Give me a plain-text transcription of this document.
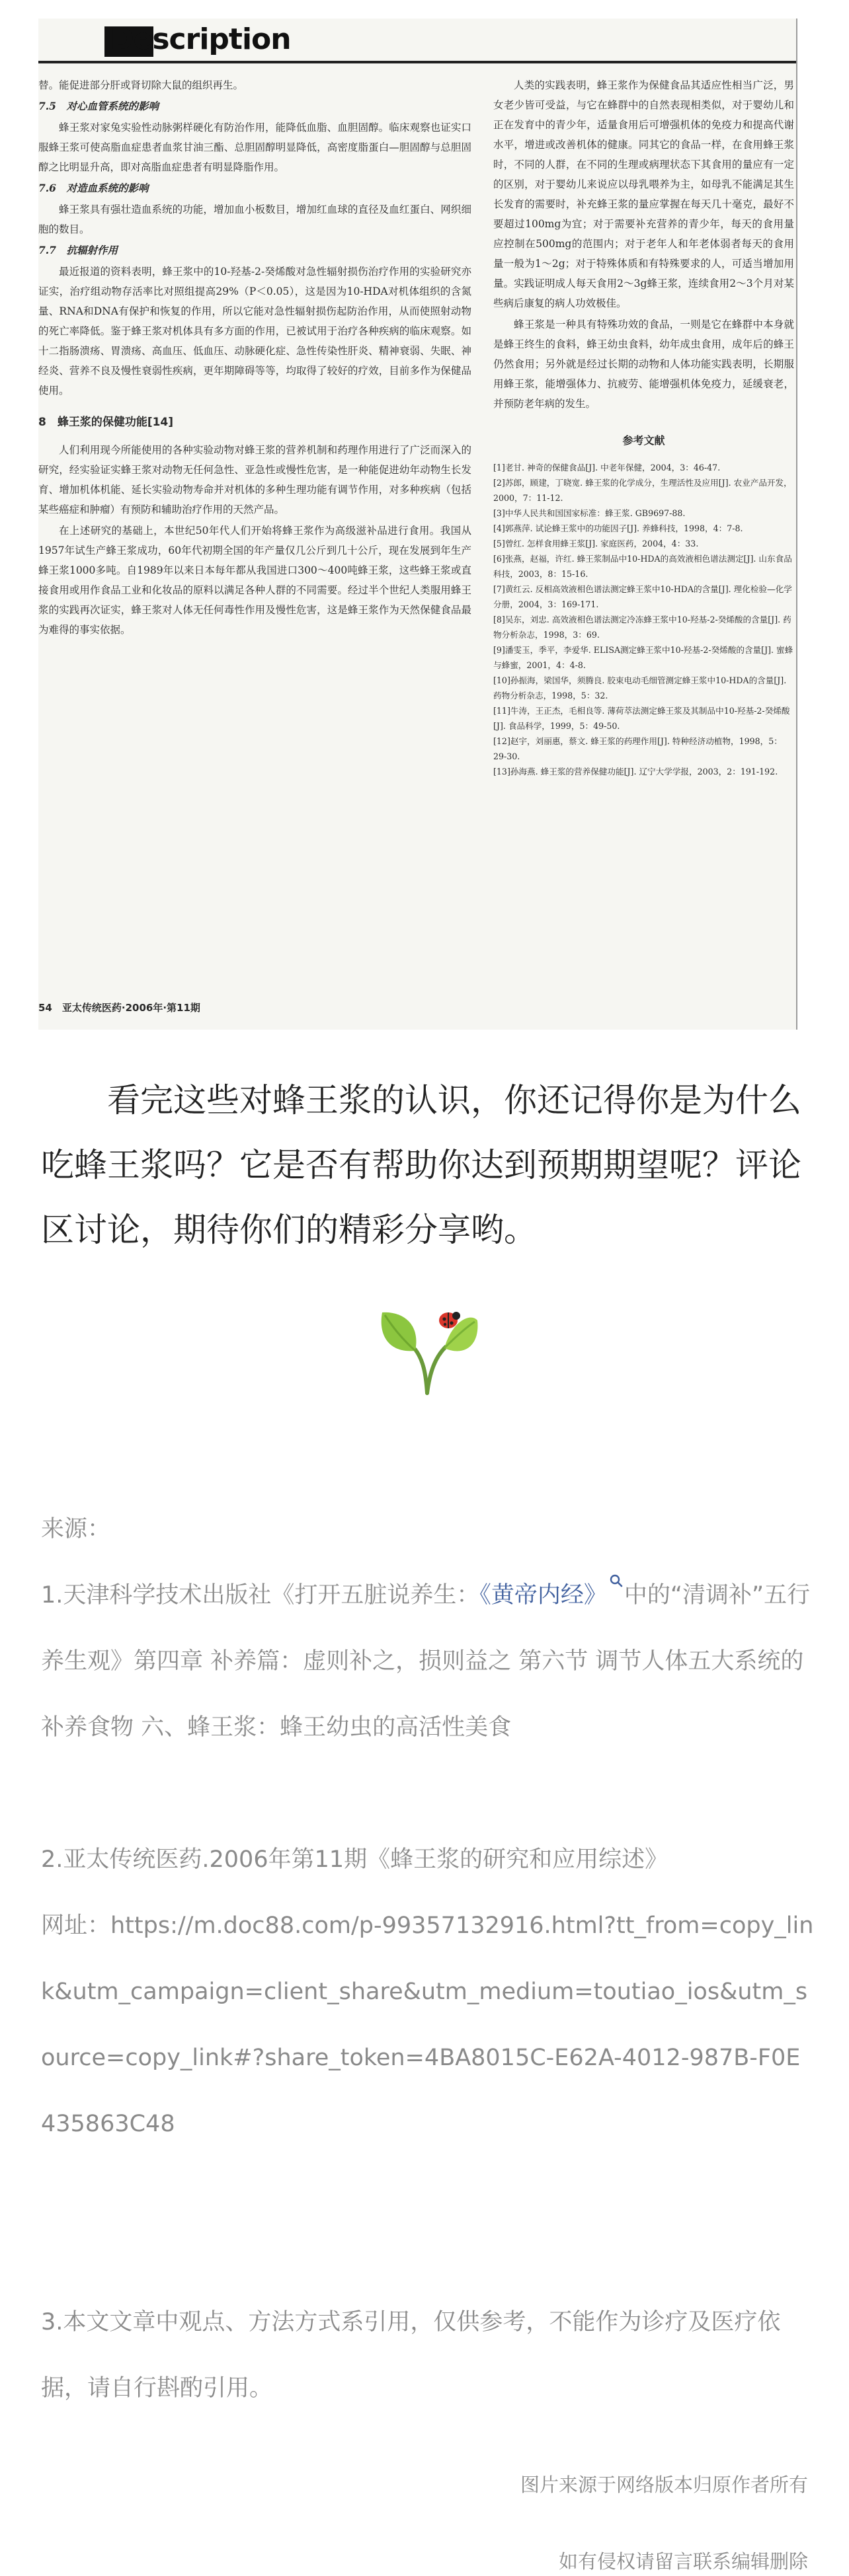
Description

替。能促进部分肝或肾切除大鼠的组织再生。

7.5　对心血管系统的影响

蜂王浆对家兔实验性动脉粥样硬化有防治作用，能降低血脂、血胆固醇。临床观察也证实口服蜂王浆可使高脂血症患者血浆甘油三酯、总胆固醇明显降低，高密度脂蛋白—胆固醇与总胆固醇之比明显升高，即对高脂血症患者有明显降脂作用。

7.6　对造血系统的影响

蜂王浆具有强壮造血系统的功能，增加血小板数目，增加红血球的直径及血红蛋白、网织细胞的数目。

7.7　抗辐射作用

最近报道的资料表明，蜂王浆中的10-羟基-2-癸烯酸对急性辐射损伤治疗作用的实验研究亦证实，治疗组动物存活率比对照组提高29%（P＜0.05），这是因为10-HDA对机体组织的含氮量、RNA和DNA有保护和恢复的作用，所以它能对急性辐射损伤起防治作用，从而使照射动物的死亡率降低。鉴于蜂王浆对机体具有多方面的作用，已被试用于治疗各种疾病的临床观察。如十二指肠溃疡、胃溃疡、高血压、低血压、动脉硬化症、急性传染性肝炎、精神衰弱、失眠、神经炎、营养不良及慢性衰弱性疾病，更年期障碍等等，均取得了较好的疗效，目前多作为保健品使用。

8　蜂王浆的保健功能[14]

人们利用现今所能使用的各种实验动物对蜂王浆的营养机制和药理作用进行了广泛而深入的研究，经实验证实蜂王浆对动物无任何急性、亚急性或慢性危害，是一种能促进幼年动物生长发育、增加机体机能、延长实验动物寿命并对机体的多种生理功能有调节作用，对多种疾病（包括某些癌症和肿瘤）有预防和辅助治疗作用的天然产品。

在上述研究的基础上，本世纪50年代人们开始将蜂王浆作为高级滋补品进行食用。我国从1957年试生产蜂王浆成功，60年代初期全国的年产量仅几公斤到几十公斤，现在发展到年生产蜂王浆1000多吨。自1989年以来日本每年都从我国进口300～400吨蜂王浆，这些蜂王浆或直接食用或用作食品工业和化妆品的原料以满足各种人群的不同需要。经过半个世纪人类服用蜂王浆的实践再次证实，蜂王浆对人体无任何毒性作用及慢性危害，这是蜂王浆作为天然保健食品最为难得的事实依据。

人类的实践表明，蜂王浆作为保健食品其适应性相当广泛，男女老少皆可受益，与它在蜂群中的自然表现相类似，对于婴幼儿和正在发育中的青少年，适量食用后可增强机体的免疫力和提高代谢水平，增进或改善机体的健康。同其它的食品一样，在食用蜂王浆时，不同的人群，在不同的生理或病理状态下其食用的量应有一定的区别，对于婴幼儿来说应以母乳喂养为主，如母乳不能满足其生长发育的需要时，补充蜂王浆的量应掌握在每天几十毫克，最好不要超过100mg为宜；对于需要补充营养的青少年，每天的食用量应控制在500mg的范围内；对于老年人和年老体弱者每天的食用量一般为1～2g；对于特殊体质和有特殊要求的人，可适当增加用量。实践证明成人每天食用2～3g蜂王浆，连续食用2～3个月对某些病后康复的病人功效极佳。

蜂王浆是一种具有特殊功效的食品，一则是它在蜂群中本身就是蜂王终生的食料，蜂王幼虫食料，幼年成虫食用，成年后的蜂王仍然食用；另外就是经过长期的动物和人体功能实践表明，长期服用蜂王浆，能增强体力、抗疲劳、能增强机体免疫力，延缓衰老，并预防老年病的发生。

参考文献

[1]老甘. 神奇的保健食品[J]. 中老年保健，2004，3：46-47.
[2]苏郎，顾建，丁晓宽. 蜂王浆的化学成分，生理活性及应用[J]. 农业产品开发，2000，7：11-12.
[3]中华人民共和国国家标准：蜂王浆. GB9697-88.
[4]郭燕萍. 试论蜂王浆中的功能因子[J]. 养蜂科技，1998，4：7-8.
[5]曾红. 怎样食用蜂王浆[J]. 家庭医药，2004，4：33.
[6]张燕，赵福，许红. 蜂王浆制品中10-HDA的高效液相色谱法测定[J]. 山东食品科技，2003，8：15-16.
[7]黄红云. 反相高效液相色谱法测定蜂王浆中10-HDA的含量[J]. 理化检验—化学分册，2004，3：169-171.
[8]吴东，刘忠. 高效液相色谱法测定冷冻蜂王浆中10-羟基-2-癸烯酸的含量[J]. 药物分析杂志，1998，3：69.
[9]潘雯玉，季平，李爱华. ELISA测定蜂王浆中10-羟基-2-癸烯酸的含量[J]. 蜜蜂与蜂蜜，2001，4：4-8.
[10]孙振海，梁国华，须腾良. 胶束电动毛细管测定蜂王浆中10-HDA的含量[J]. 药物分析杂志，1998，5：32.
[11]牛涛，王正杰，毛相良等. 薄荷萃法测定蜂王浆及其制品中10-羟基-2-癸烯酸[J]. 食品科学，1999，5：49-50.
[12]赵宇，刘丽惠，蔡文. 蜂王浆的药理作用[J]. 特种经济动植物，1998，5：29-30.
[13]孙海燕. 蜂王浆的营养保健功能[J]. 辽宁大学学报，2003，2：191-192.
54　亚太传统医药·2006年·第11期

看完这些对蜂王浆的认识，你还记得你是为什么吃蜂王浆吗？它是否有帮助你达到预期期望呢？评论区讨论，期待你们的精彩分享哟。

来源：

1.天津科学技术出版社《打开五脏说养生：《黄帝内经》 中的“清调补”五行养生观》第四章 补养篇：虚则补之，损则益之 第六节 调节人体五大系统的补养食物 六、蜂王浆：蜂王幼虫的高活性美食

2.亚太传统医药.2006年第11期《蜂王浆的研究和应用综述》

网址：https://m.doc88.com/p-99357132916.html?tt_from=copy_link&utm_campaign=client_share&utm_medium=toutiao_ios&utm_source=copy_link#?share_token=4BA8015C-E62A-4012-987B-F0E435863C48

3.本文文章中观点、方法方式系引用，仅供参考，不能作为诊疗及医疗依据，请自行斟酌引用。

图片来源于网络版本归原作者所有
如有侵权请留言联系编辑删除
